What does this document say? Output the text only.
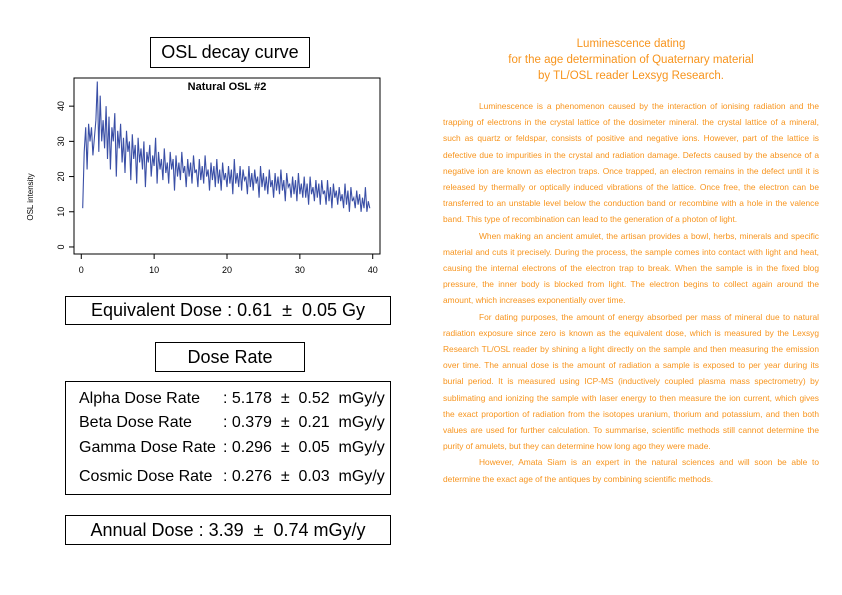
OSL decay curve
Natural OSL #2
OSL intensity
0
10
20
30
40
0	10	20	30	40
Equivalent Dose
: 0.61  ±  0.05 Gy
Dose Rate
Alpha Dose Rate	: 5.178  ±  0.52  mGy/y
Beta Dose Rate	: 0.379  ±  0.21  mGy/y
Gamma Dose Rate : 0.296  ±  0.05  mGy/y
Cosmic Dose Rate : 0.276  ±  0.03  mGy/y
Annual Dose
: 3.39  ±  0.74 mGy/y
Luminescence dating
for the age determination of Quaternary material
by TL/OSL reader Lexsyg Research.

Luminescence is a phenomenon caused by the interaction of ionising radiation and the trapping of electrons in the crystal lattice of the dosimeter mineral. the crystal lattice of a mineral, such as quartz or feldspar, consists of positive and negative ions. However, part of the lattice is defective due to impurities in the crystal and radiation damage. Defects caused by the absence of a negative ion are known as electron traps. Once trapped, an electron remains in the defect until it is released by thermally or optically induced vibrations of the lattice. Once free, the electron can be transferred to an unstable level below the conduction band or recombine with a hole in the valence band. This type of recombination can lead to the generation of a photon of light.

When making an ancient amulet, the artisan provides a bowl, herbs, minerals and specific material and cuts it precisely. During the process, the sample comes into contact with light and heat, causing the internal electrons of the electron trap to break. When the sample is in the fixed blog pressure, the inner body is blocked from light. The electron begins to collect again around the amount, which increases exponentially over time.

For dating purposes, the amount of energy absorbed per mass of mineral due to natural radiation exposure since zero is known as the equivalent dose, which is measured by the Lexsyg Research TL/OSL reader by shining a light directly on the sample and then measuring the emission over time. The annual dose is the amount of radiation a sample is exposed to per year during its burial period. It is measured using ICP-MS (inductively coupled plasma mass spectrometry) by sublimating and ionizing the sample with laser energy to then measure the ion current, which gives the exact proportion of radiation from the isotopes uranium, thorium and potassium, and then both values are used for further calculation. To summarise, scientific methods still cannot determine the purity of amulets, but they can determine how long ago they were made.

However, Amata Siam is an expert in the natural sciences and will soon be able to determine the exact age of the antiques by combining scientific methods.
